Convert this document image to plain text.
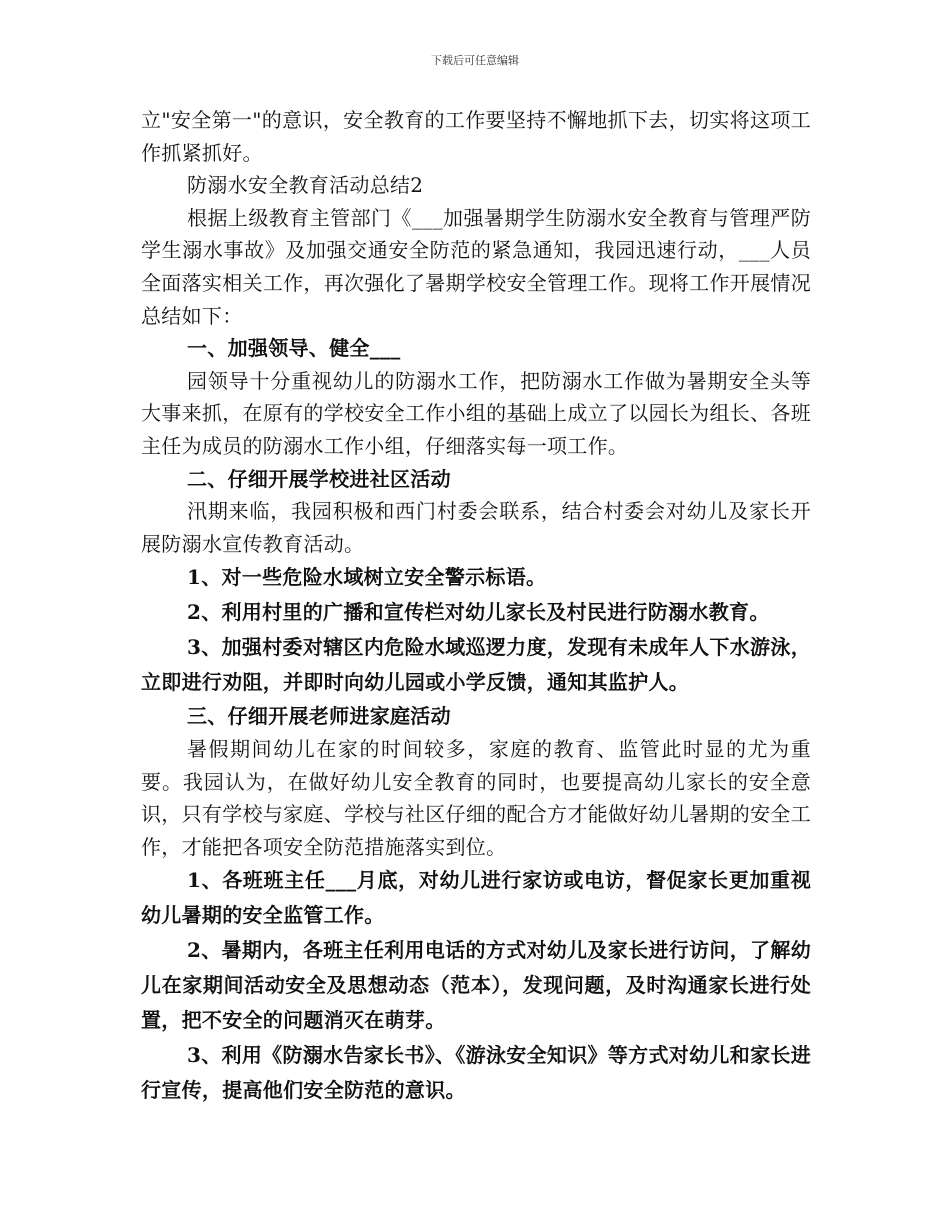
下载后可任意编辑

立"安全第一"的意识，安全教育的工作要坚持不懈地抓下去，切实将这项工作抓紧抓好。

防溺水安全教育活动总结2

根据上级教育主管部门《___加强暑期学生防溺水安全教育与管理严防学生溺水事故》及加强交通安全防范的紧急通知，我园迅速行动，___人员全面落实相关工作，再次强化了暑期学校安全管理工作。现将工作开展情况总结如下：

一、加强领导、健全___

园领导十分重视幼儿的防溺水工作，把防溺水工作做为暑期安全头等大事来抓，在原有的学校安全工作小组的基础上成立了以园长为组长、各班主任为成员的防溺水工作小组，仔细落实每一项工作。

二、仔细开展学校进社区活动

汛期来临，我园积极和西门村委会联系，结合村委会对幼儿及家长开展防溺水宣传教育活动。

1、对一些危险水域树立安全警示标语。

2、利用村里的广播和宣传栏对幼儿家长及村民进行防溺水教育。

3、加强村委对辖区内危险水域巡逻力度，发现有未成年人下水游泳，立即进行劝阻，并即时向幼儿园或小学反馈，通知其监护人。

三、仔细开展老师进家庭活动

暑假期间幼儿在家的时间较多，家庭的教育、监管此时显的尤为重要。我园认为，在做好幼儿安全教育的同时，也要提高幼儿家长的安全意识，只有学校与家庭、学校与社区仔细的配合方才能做好幼儿暑期的安全工作，才能把各项安全防范措施落实到位。

1、各班班主任___月底，对幼儿进行家访或电访，督促家长更加重视幼儿暑期的安全监管工作。

2、暑期内，各班主任利用电话的方式对幼儿及家长进行访问，了解幼儿在家期间活动安全及思想动态（范本），发现问题，及时沟通家长进行处置，把不安全的问题消灭在萌芽。

3、利用《防溺水告家长书》、《游泳安全知识》等方式对幼儿和家长进行宣传，提高他们安全防范的意识。
